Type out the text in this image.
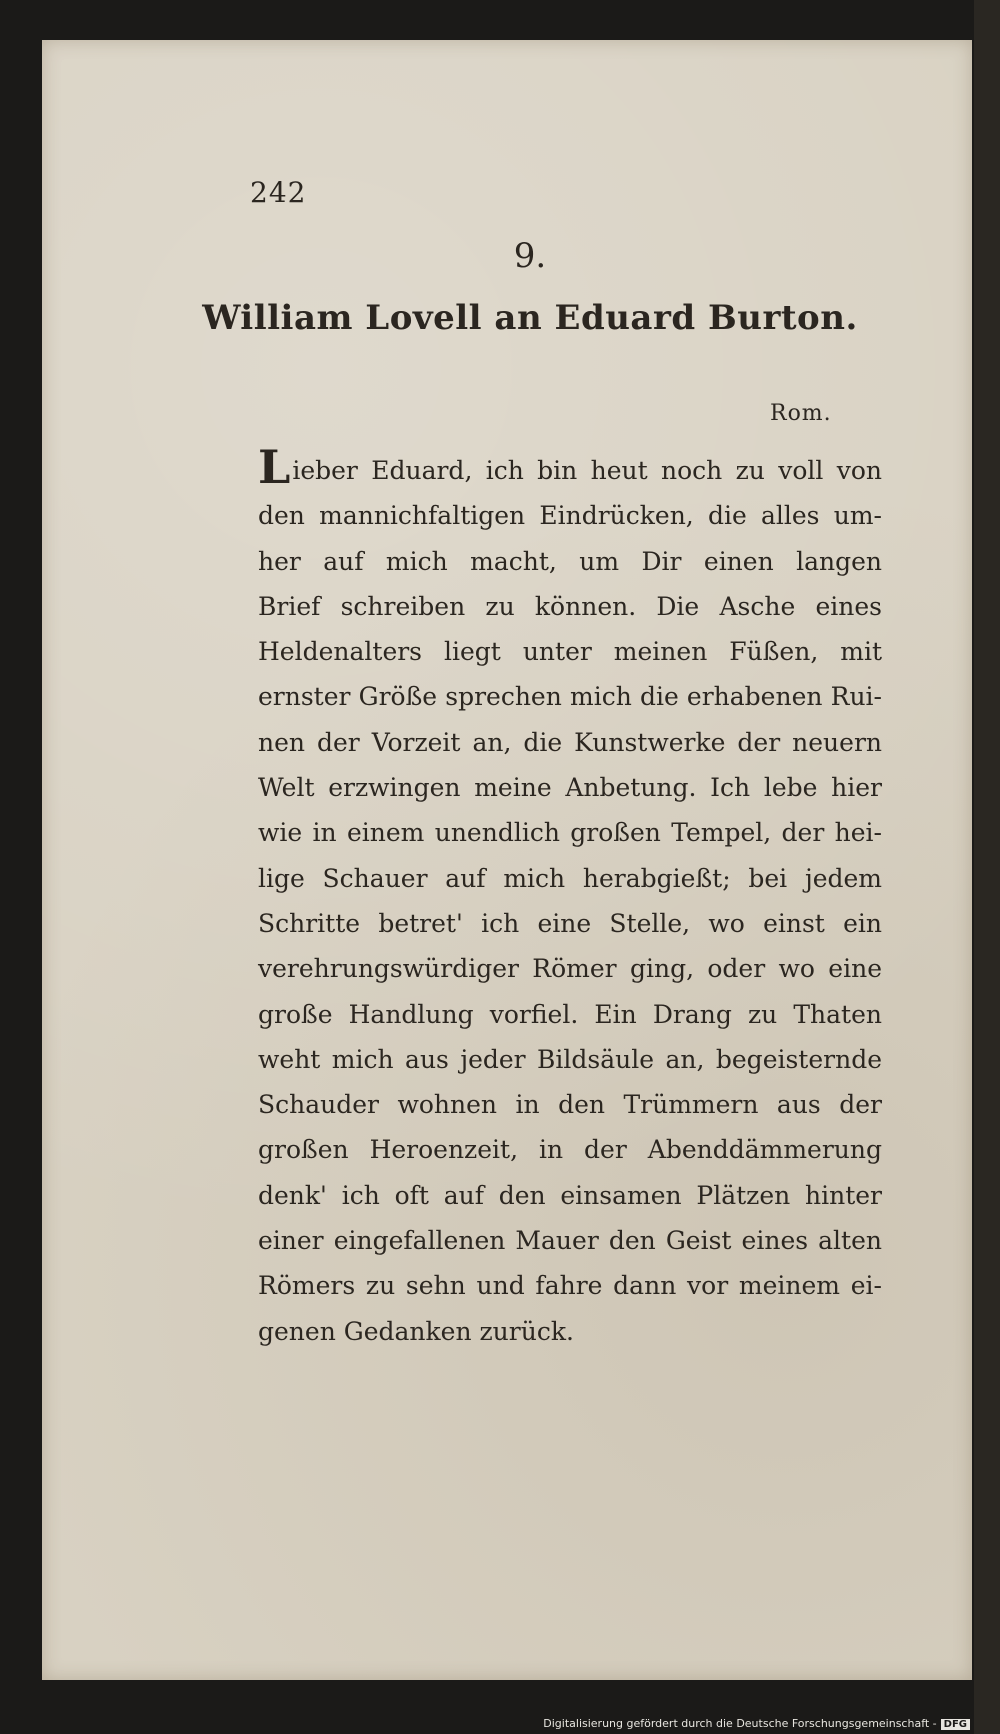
242
9.
William Lovell an Eduard Burton.
Rom.
Lieber Eduard, ich bin heut noch zu voll von
den mannichfaltigen Eindrücken, die alles um-
her auf mich macht, um Dir einen langen
Brief schreiben zu können. Die Asche eines
Heldenalters liegt unter meinen Füßen, mit
ernster Größe sprechen mich die erhabenen Rui-
nen der Vorzeit an, die Kunstwerke der neuern
Welt erzwingen meine Anbetung. Ich lebe hier
wie in einem unendlich großen Tempel, der hei-
lige Schauer auf mich herabgießt; bei jedem
Schritte betret' ich eine Stelle, wo einst ein
verehrungswürdiger Römer ging, oder wo eine
große Handlung vorfiel. Ein Drang zu Thaten
weht mich aus jeder Bildsäule an, begeisternde
Schauder wohnen in den Trümmern aus der
großen Heroenzeit, in der Abenddämmerung
denk' ich oft auf den einsamen Plätzen hinter
einer eingefallenen Mauer den Geist eines alten
Römers zu sehn und fahre dann vor meinem ei-
genen Gedanken zurück.
Digitalisierung gefördert durch die Deutsche Forschungsgemeinschaft - DFG
